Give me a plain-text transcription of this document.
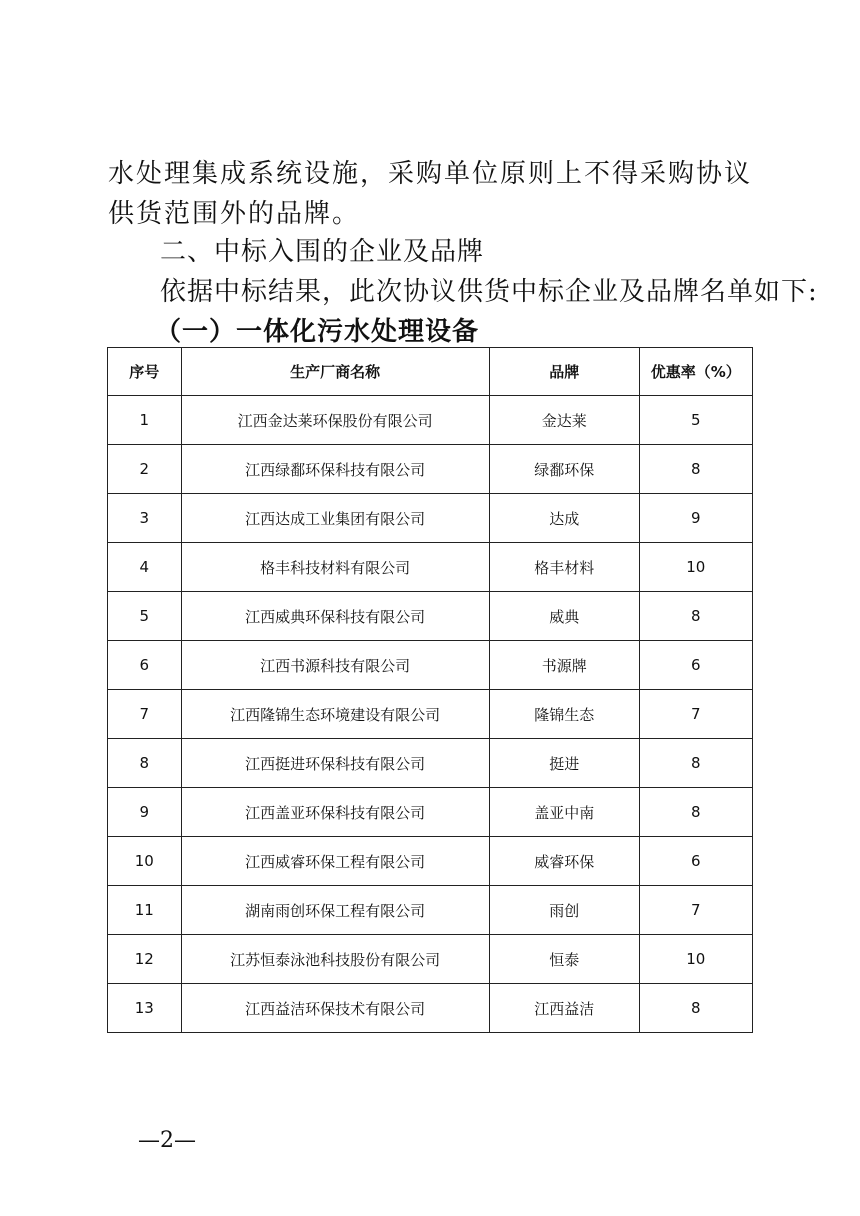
水处理集成系统设施，采购单位原则上不得采购协议供货范围外的品牌。

二、中标入围的企业及品牌

依据中标结果，此次协议供货中标企业及品牌名单如下:

（一）一体化污水处理设备

序号	生产厂商名称	品牌	优惠率（%）
1	江西金达莱环保股份有限公司	金达莱	5
2	江西绿鄱环保科技有限公司	绿鄱环保	8
3	江西达成工业集团有限公司	达成	9
4	格丰科技材料有限公司	格丰材料	10
5	江西威典环保科技有限公司	威典	8
6	江西书源科技有限公司	书源牌	6
7	江西隆锦生态环境建设有限公司	隆锦生态	7
8	江西挺进环保科技有限公司	挺进	8
9	江西盖亚环保科技有限公司	盖亚中南	8
10	江西威睿环保工程有限公司	威睿环保	6
11	湖南雨创环保工程有限公司	雨创	7
12	江苏恒泰泳池科技股份有限公司	恒泰	10
13	江西益洁环保技术有限公司	江西益洁	8

—2—
